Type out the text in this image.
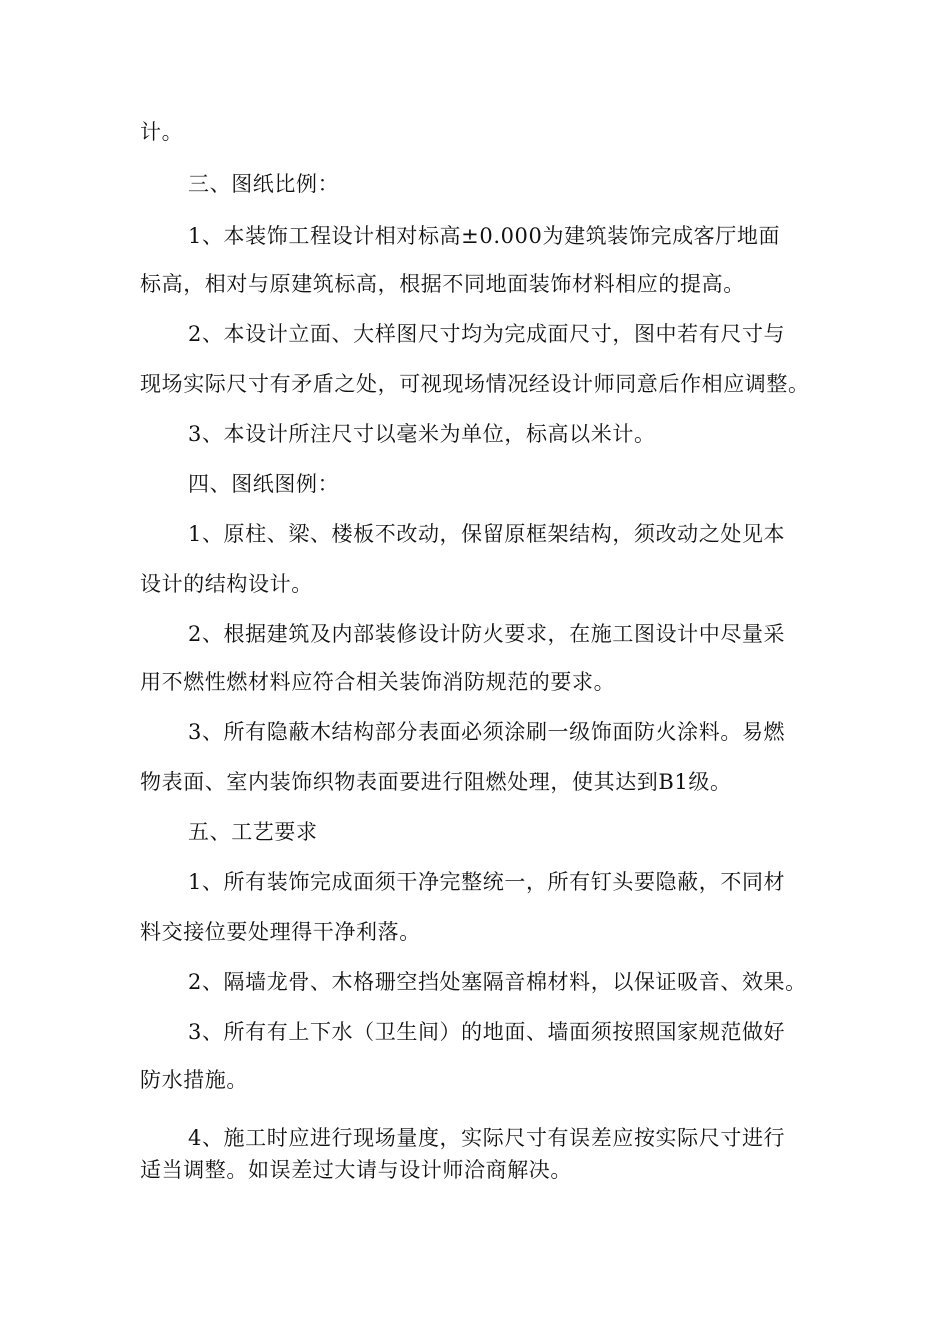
计。
三、图纸比例：
1、本装饰工程设计相对标高±0.000为建筑装饰完成客厅地面
标高，相对与原建筑标高，根据不同地面装饰材料相应的提高。
2、本设计立面、大样图尺寸均为完成面尺寸，图中若有尺寸与
现场实际尺寸有矛盾之处，可视现场情况经设计师同意后作相应调整。
3、本设计所注尺寸以毫米为单位，标高以米计。
四、图纸图例：
1、原柱、梁、楼板不改动，保留原框架结构，须改动之处见本
设计的结构设计。
2、根据建筑及内部装修设计防火要求，在施工图设计中尽量采
用不燃性燃材料应符合相关装饰消防规范的要求。
3、所有隐蔽木结构部分表面必须涂刷一级饰面防火涂料。易燃
物表面、室内装饰织物表面要进行阻燃处理，使其达到B1级。
五、工艺要求
1、所有装饰完成面须干净完整统一，所有钉头要隐蔽，不同材
料交接位要处理得干净利落。
2、隔墙龙骨、木格珊空挡处塞隔音棉材料，以保证吸音、效果。
3、所有有上下水（卫生间）的地面、墙面须按照国家规范做好
防水措施。
4、施工时应进行现场量度，实际尺寸有误差应按实际尺寸进行
适当调整。如误差过大请与设计师洽商解决。
